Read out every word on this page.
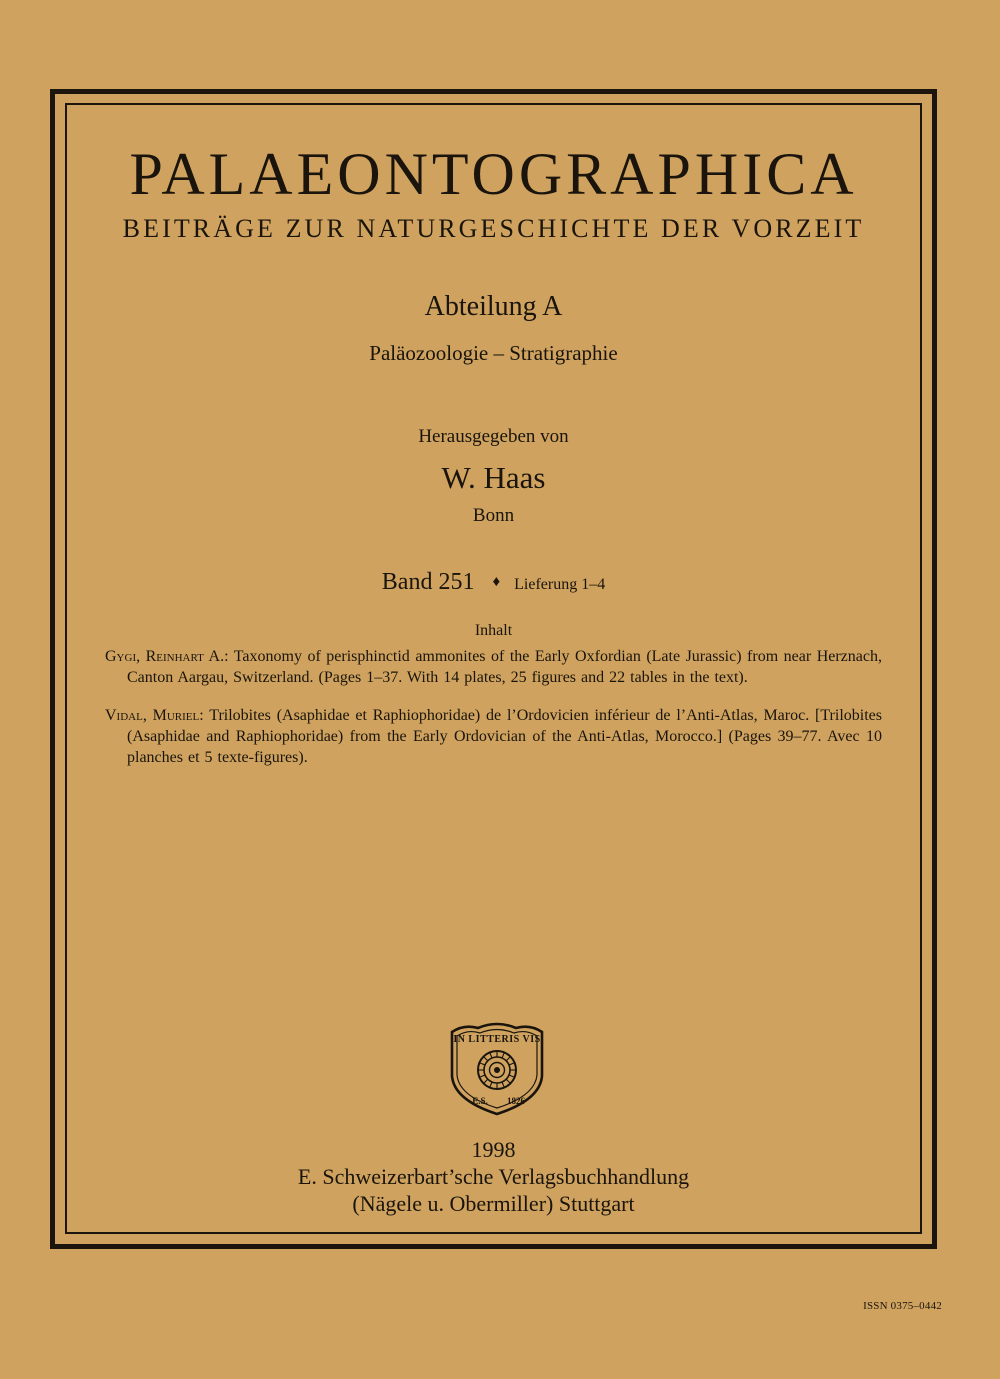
PALAEONTOGRAPHICA
BEITRÄGE ZUR NATURGESCHICHTE DER VORZEIT
Abteilung A
Paläozoologie – Stratigraphie
Herausgegeben von
W. Haas
Bonn
Band 251 ♦ Lieferung 1–4
Inhalt
Gygi, Reinhart A.: Taxonomy of perisphinctid ammonites of the Early Oxfordian (Late Jurassic) from near Herznach, Canton Aargau, Switzerland. (Pages 1–37. With 14 plates, 25 figures and 22 tables in the text).
Vidal, Muriel: Trilobites (Asaphidae et Raphiophoridae) de l’Ordovicien inférieur de l’Anti-Atlas, Maroc. [Trilobites (Asaphidae and Raphiophoridae) from the Early Ordovician of the Anti-Atlas, Morocco.] (Pages 39–77. Avec 10 planches et 5 texte-figures).
IN LITTERIS VIS
E.S. 1826
1998
E. Schweizerbart’sche Verlagsbuchhandlung
(Nägele u. Obermiller) Stuttgart
ISSN 0375–0442
